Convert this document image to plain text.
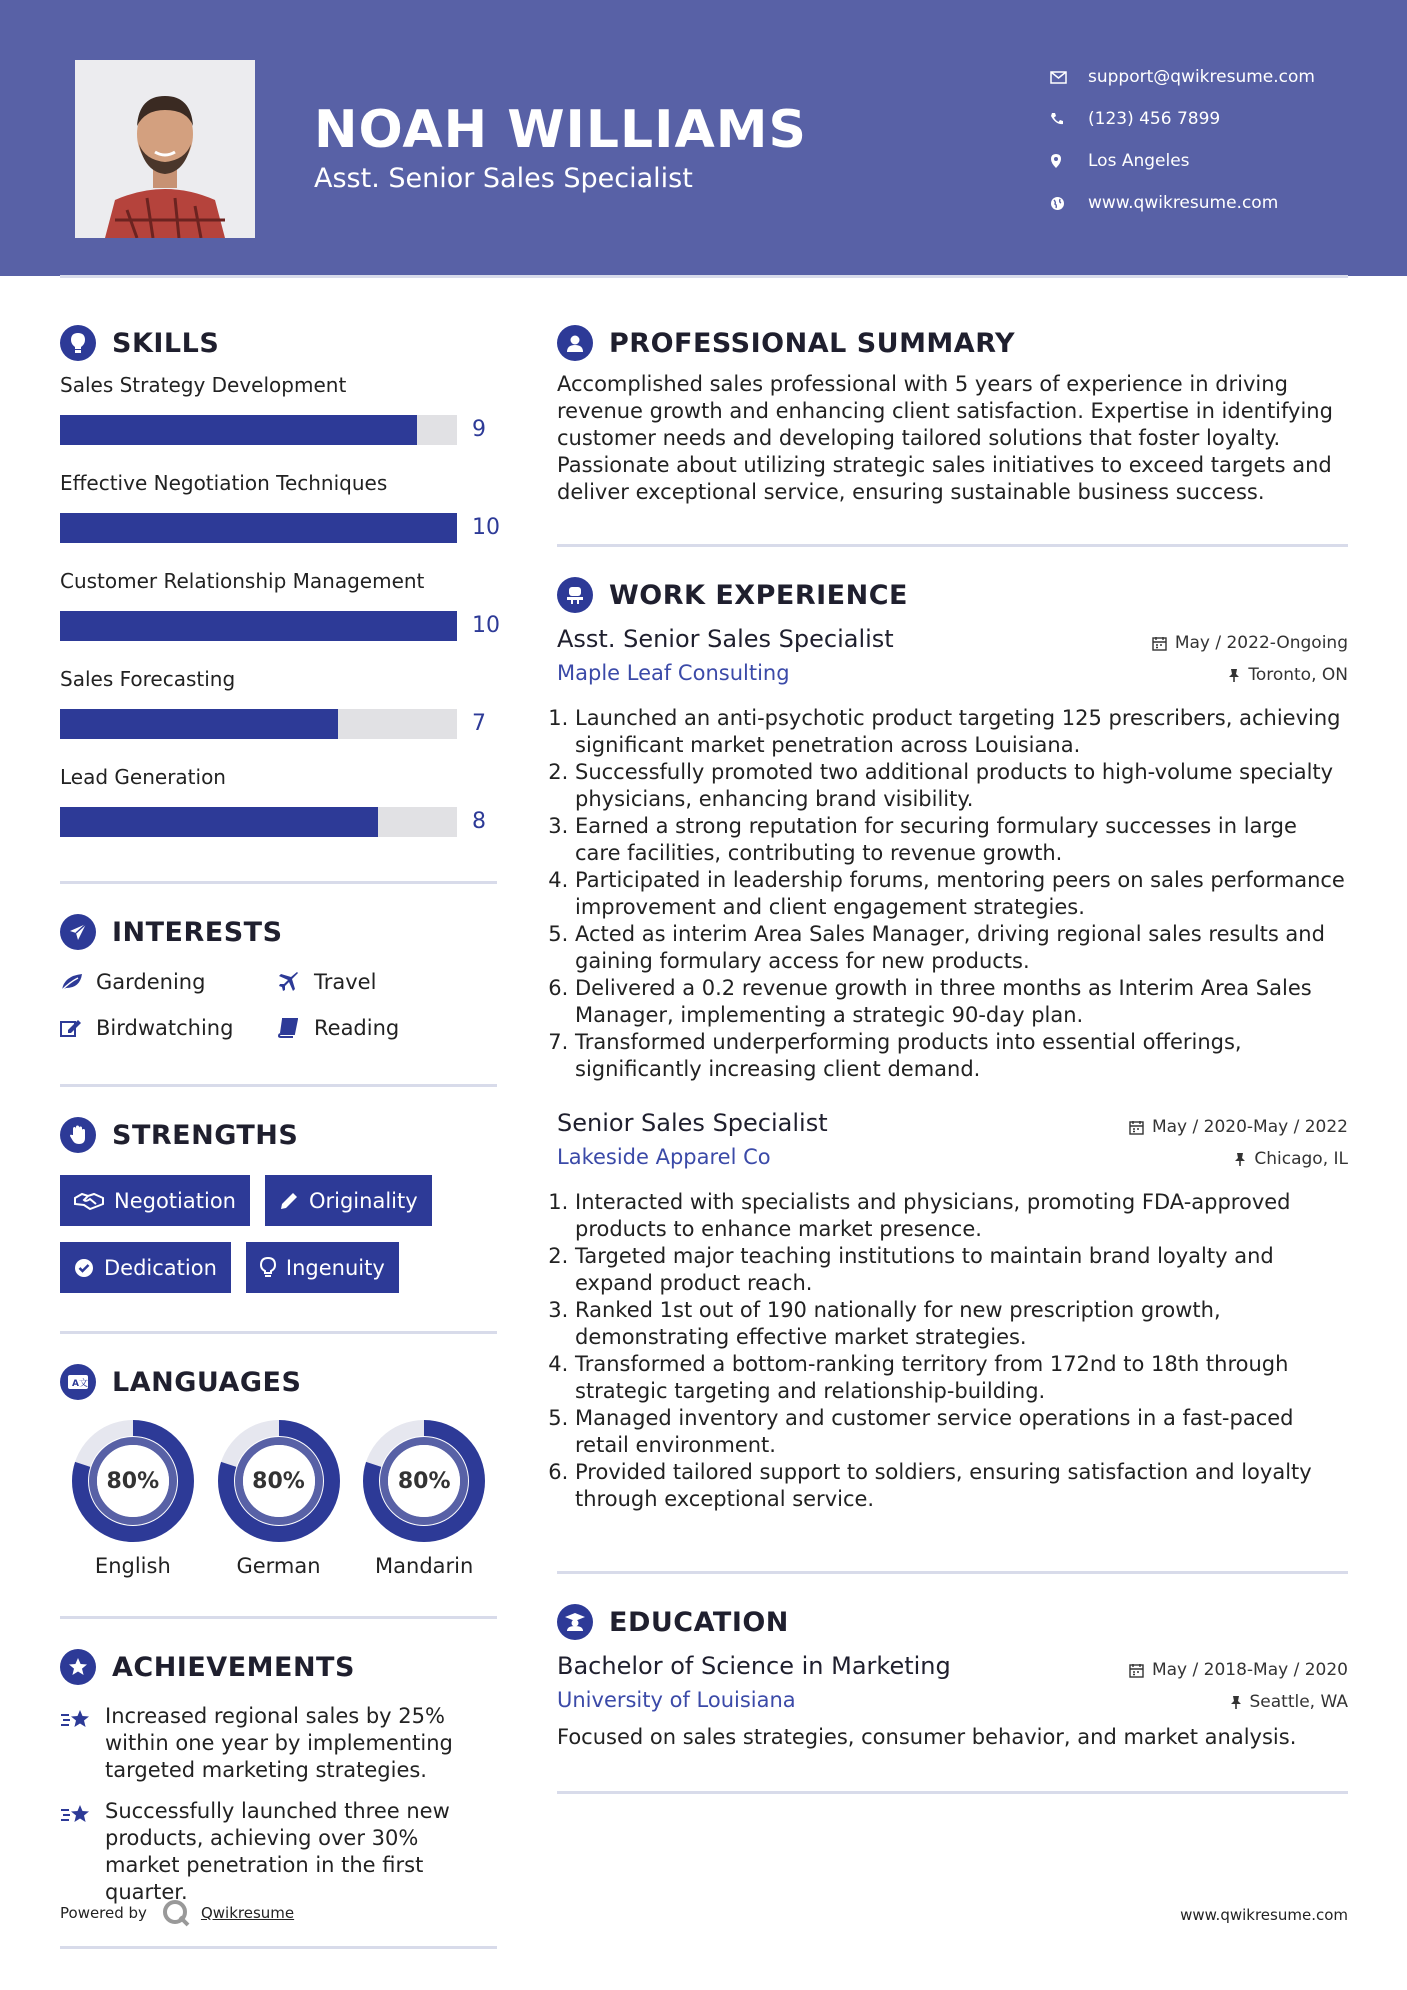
NOAH WILLIAMS
Asst. Senior Sales Specialist
support@qwikresume.com
(123) 456 7899
Los Angeles
www.qwikresume.com
SKILLS
Sales Strategy Development
9
Effective Negotiation Techniques
10
Customer Relationship Management
10
Sales Forecasting
7
Lead Generation
8
INTERESTS
Gardening	Travel
Birdwatching	Reading
STRENGTHS
Negotiation	Originality
Dedication	Ingenuity
A 文 LANGUAGES
80%
English
80%
German
80%
Mandarin
ACHIEVEMENTS
Increased regional sales by 25% within one year by implementing targeted marketing strategies.
Successfully launched three new products, achieving over 30% market penetration in the first quarter.
PROFESSIONAL SUMMARY

Accomplished sales professional with 5 years of experience in driving revenue growth and enhancing client satisfaction. Expertise in identifying customer needs and developing tailored solutions that foster loyalty. Passionate about utilizing strategic sales initiatives to exceed targets and deliver exceptional service, ensuring sustainable business success.

WORK EXPERIENCE
Asst. Senior Sales Specialist	May / 2022-Ongoing
Maple Leaf Consulting	Toronto, ON
1. Launched an anti-psychotic product targeting 125 prescribers, achieving significant market penetration across Louisiana.
2. Successfully promoted two additional products to high-volume specialty physicians, enhancing brand visibility.
3. Earned a strong reputation for securing formulary successes in large care facilities, contributing to revenue growth.
4. Participated in leadership forums, mentoring peers on sales performance improvement and client engagement strategies.
5. Acted as interim Area Sales Manager, driving regional sales results and gaining formulary access for new products.
6. Delivered a 0.2 revenue growth in three months as Interim Area Sales Manager, implementing a strategic 90-day plan.
7. Transformed underperforming products into essential offerings, significantly increasing client demand.
Senior Sales Specialist	May / 2020-May / 2022
Lakeside Apparel Co	Chicago, IL
1. Interacted with specialists and physicians, promoting FDA-approved products to enhance market presence.
2. Targeted major teaching institutions to maintain brand loyalty and expand product reach.
3. Ranked 1st out of 190 nationally for new prescription growth, demonstrating effective market strategies.
4. Transformed a bottom-ranking territory from 172nd to 18th through strategic targeting and relationship-building.
5. Managed inventory and customer service operations in a fast-paced retail environment.
6. Provided tailored support to soldiers, ensuring satisfaction and loyalty through exceptional service.
EDUCATION
Bachelor of Science in Marketing	May / 2018-May / 2020
University of Louisiana	Seattle, WA

Focused on sales strategies, consumer behavior, and market analysis.

Powered by	Qwikresume	www.qwikresume.com
